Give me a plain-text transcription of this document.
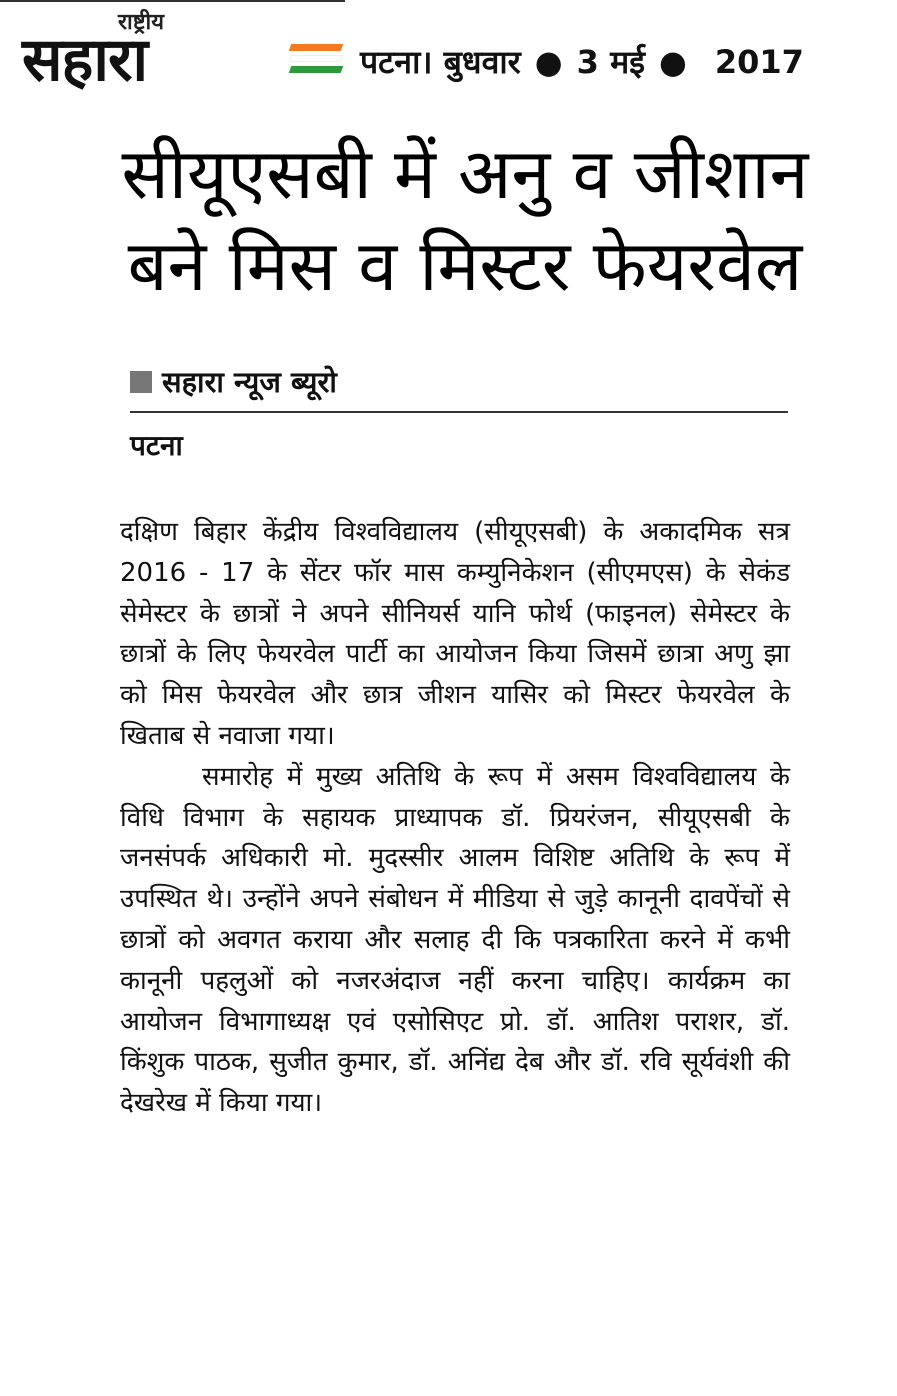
राष्ट्रीय
सहारा	पटना। बुधवार ● 3 मई ● 2017
सीयूएसबी में अनु व जीशान
बने मिस व मिस्टर फेयरवेल
सहारा न्यूज ब्यूरो
पटना

दक्षिण बिहार केंद्रीय विश्वविद्यालय (सीयूएसबी) के अकादमिक सत्र 2016 - 17 के सेंटर फॉर मास कम्युनिकेशन (सीएमएस) के सेकंड सेमेस्टर के छात्रों ने अपने सीनियर्स यानि फोर्थ (फाइनल) सेमेस्टर के छात्रों के लिए फेयरवेल पार्टी का आयोजन किया जिसमें छात्रा अणु झा को मिस फेयरवेल और छात्र जीशन यासिर को मिस्टर फेयरवेल के खिताब से नवाजा गया।

समारोह में मुख्य अतिथि के रूप में असम विश्वविद्यालय के विधि विभाग के सहायक प्राध्यापक डॉ. प्रियरंजन, सीयूएसबी के जनसंपर्क अधिकारी मो. मुदस्सीर आलम विशिष्ट अतिथि के रूप में उपस्थित थे। उन्होंने अपने संबोधन में मीडिया से जुड़े कानूनी दावपेंचों से छात्रों को अवगत कराया और सलाह दी कि पत्रकारिता करने में कभी कानूनी पहलुओं को नजरअंदाज नहीं करना चाहिए। कार्यक्रम का आयोजन विभागाध्यक्ष एवं एसोसिएट प्रो. डॉ. आतिश पराशर, डॉ. किंशुक पाठक, सुजीत कुमार, डॉ. अनिंद्य देब और डॉ. रवि सूर्यवंशी की देखरेख में किया गया।
